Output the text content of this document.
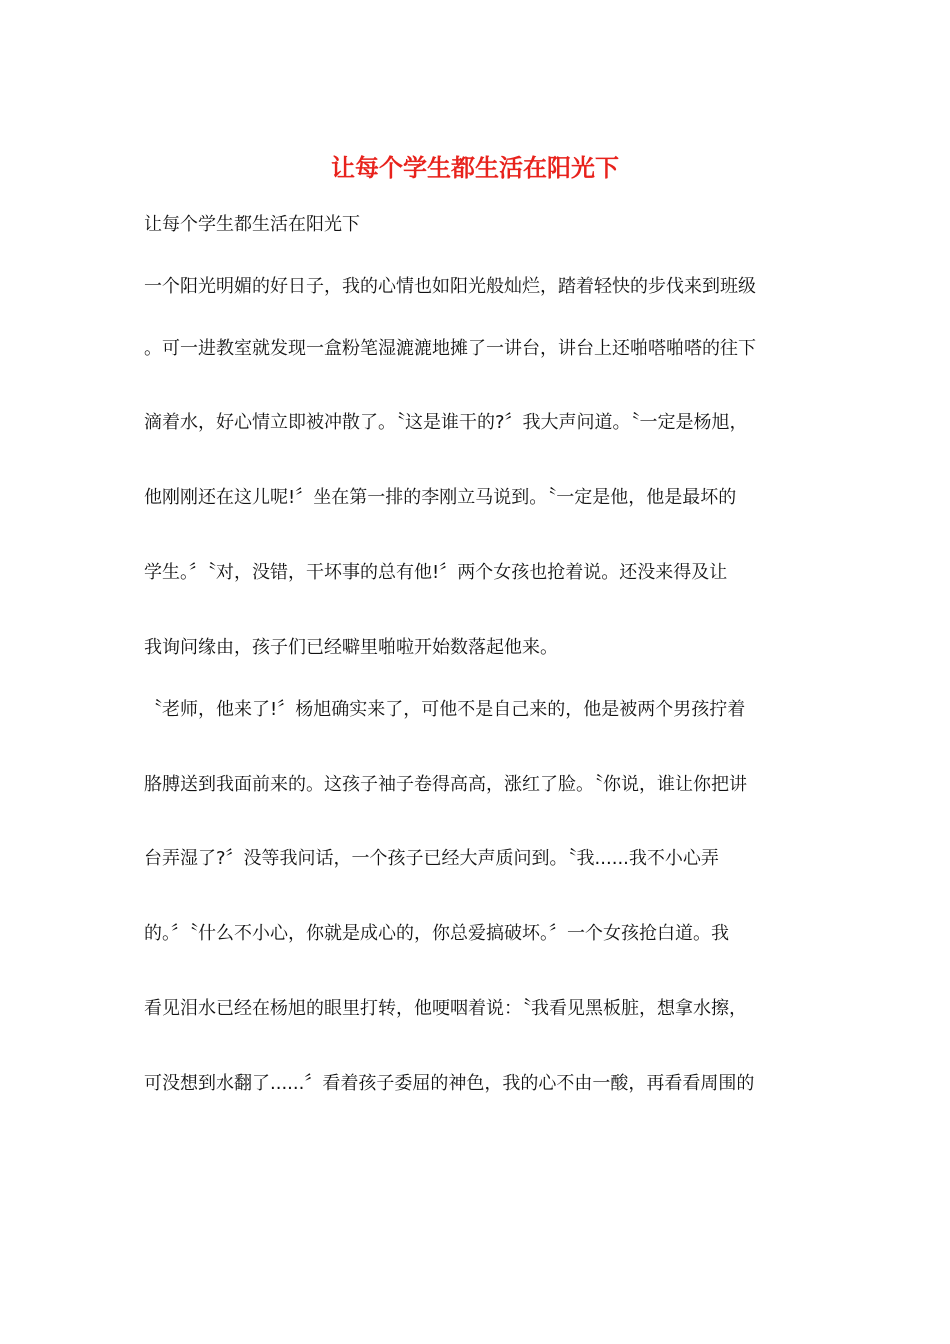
让每个学生都生活在阳光下

让每个学生都生活在阳光下

一个阳光明媚的好日子，我的心情也如阳光般灿烂，踏着轻快的步伐来到班级

。可一进教室就发现一盒粉笔湿漉漉地摊了一讲台，讲台上还啪嗒啪嗒的往下

滴着水，好心情立即被冲散了。〝这是谁干的?〞我大声问道。〝一定是杨旭，

他刚刚还在这儿呢!〞坐在第一排的李刚立马说到。〝一定是他，他是最坏的

学生。〞〝对，没错，干坏事的总有他!〞两个女孩也抢着说。还没来得及让

我询问缘由，孩子们已经噼里啪啦开始数落起他来。

〝老师，他来了!〞杨旭确实来了，可他不是自己来的，他是被两个男孩拧着

胳膊送到我面前来的。这孩子袖子卷得高高，涨红了脸。〝你说，谁让你把讲

台弄湿了?〞没等我问话，一个孩子已经大声质问到。〝我......我不小心弄

的。〞〝什么不小心，你就是成心的，你总爱搞破坏。〞一个女孩抢白道。我

看见泪水已经在杨旭的眼里打转，他哽咽着说：〝我看见黑板脏，想拿水擦，

可没想到水翻了......〞看着孩子委屈的神色，我的心不由一酸，再看看周围的
